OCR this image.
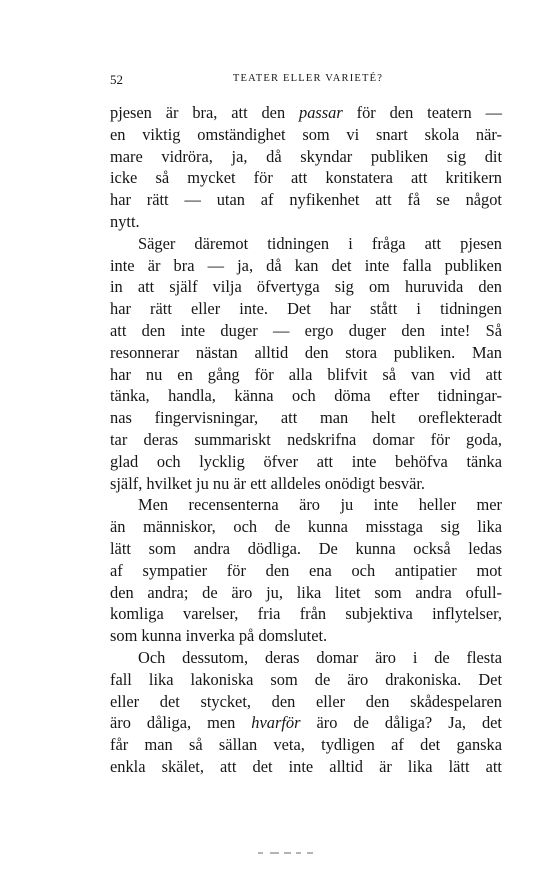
52	TEATER ELLER VARIETÉ?
pjesen är bra, att den passar för den teatern —
en viktig omständighet som vi snart skola när-
mare vidröra, ja, då skyndar publiken sig dit
icke så mycket för att konstatera att kritikern
har rätt — utan af nyfikenhet att få se något
nytt.
Säger däremot tidningen i fråga att pjesen
inte är bra — ja, då kan det inte falla publiken
in att själf vilja öfvertyga sig om huruvida den
har rätt eller inte. Det har stått i tidningen
att den inte duger — ergo duger den inte! Så
resonnerar nästan alltid den stora publiken. Man
har nu en gång för alla blifvit så van vid att
tänka, handla, känna och döma efter tidningar-
nas fingervisningar, att man helt oreflekteradt
tar deras summariskt nedskrifna domar för goda,
glad och lycklig öfver att inte behöfva tänka
själf, hvilket ju nu är ett alldeles onödigt besvär.
Men recensenterna äro ju inte heller mer
än människor, och de kunna misstaga sig lika
lätt som andra dödliga. De kunna också ledas
af sympatier för den ena och antipatier mot
den andra; de äro ju, lika litet som andra ofull-
komliga varelser, fria från subjektiva inflytelser,
som kunna inverka på domslutet.
Och dessutom, deras domar äro i de flesta
fall lika lakoniska som de äro drakoniska. Det
eller det stycket, den eller den skådespelaren
äro dåliga, men hvarför äro de dåliga? Ja, det
får man så sällan veta, tydligen af det ganska
enkla skälet, att det inte alltid är lika lätt att
